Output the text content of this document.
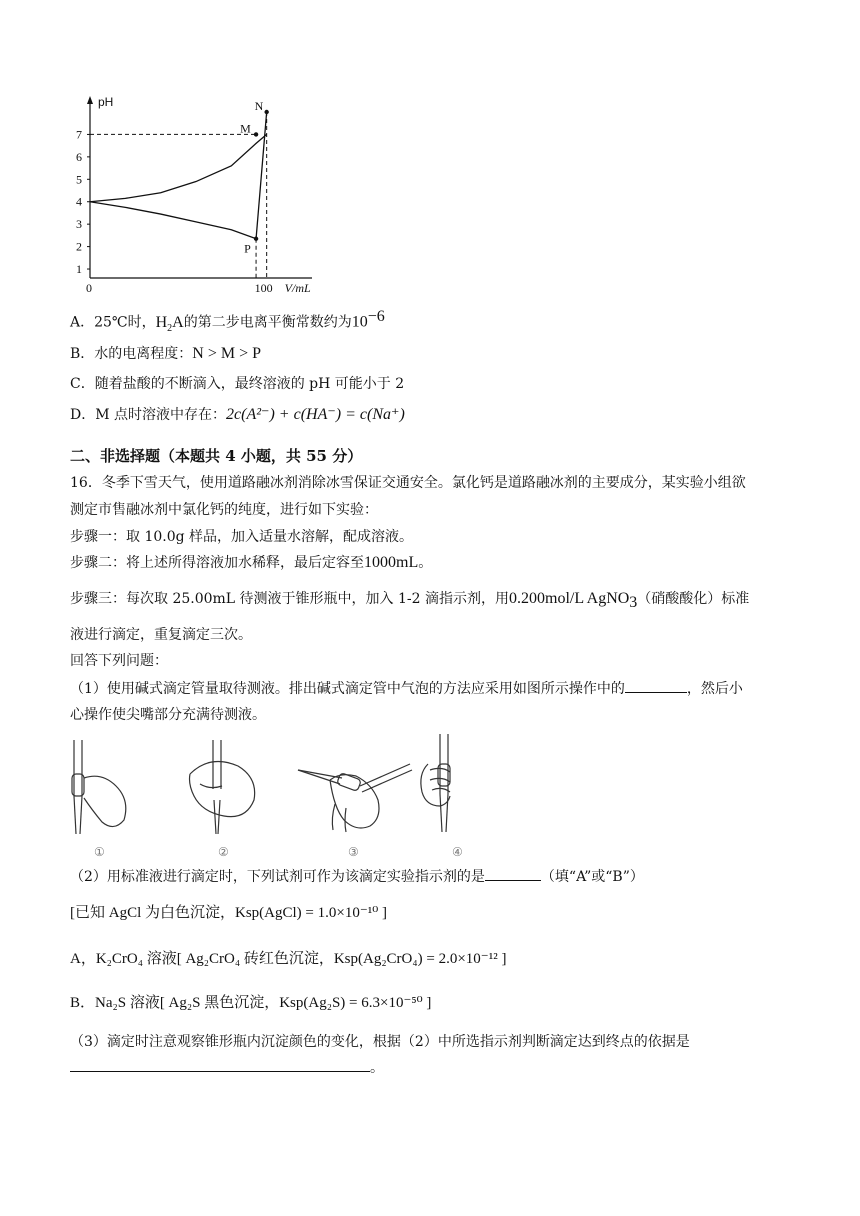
1
2
3
4
5
6
7
0	100
pH
V/mL
M
N
P
A．25℃时，$H_2A$的第二步电离平衡常数约为$10^{-6}$
B．水的电离程度：N > M > P
C．随着盐酸的不断滴入，最终溶液的 pH 可能小于 2
D．M 点时溶液中存在：2c(A²⁻) + c(HA⁻) = c(Na⁺)
二、非选择题（本题共 4 小题，共 55 分）
16．冬季下雪天气，使用道路融冰剂消除冰雪保证交通安全。氯化钙是道路融冰剂的主要成分，某实验小组欲
测定市售融冰剂中氯化钙的纯度，进行如下实验：
步骤一：取 10.0g 样品，加入适量水溶解，配成溶液。
步骤二：将上述所得溶液加水稀释，最后定容至1000mL。
步骤三：每次取 25.00mL 待测液于锥形瓶中，加入 1-2 滴指示剂，用0.200mol/L AgNO$_3$（硝酸酸化）标准
液进行滴定，重复滴定三次。
回答下列问题：
（1）使用碱式滴定管量取待测液。排出碱式滴定管中气泡的方法应采用如图所示操作中的	，然后小
心操作使尖嘴部分充满待测液。
①	②	③	④
（2）用标准液进行滴定时，下列试剂可作为该滴定实验指示剂的是	（填“A”或“B”）
[已知 AgCl 为白色沉淀，Ksp(AgCl) = 1.0×10⁻¹⁰ ]
A，K₂CrO₄ 溶液[ Ag₂CrO₄ 砖红色沉淀，Ksp(Ag₂CrO₄) = 2.0×10⁻¹² ]
B．Na₂S 溶液[ Ag₂S 黑色沉淀，Ksp(Ag₂S) = 6.3×10⁻⁵⁰ ]
（3）滴定时注意观察锥形瓶内沉淀颜色的变化，根据（2）中所选指示剂判断滴定达到终点的依据是
。
